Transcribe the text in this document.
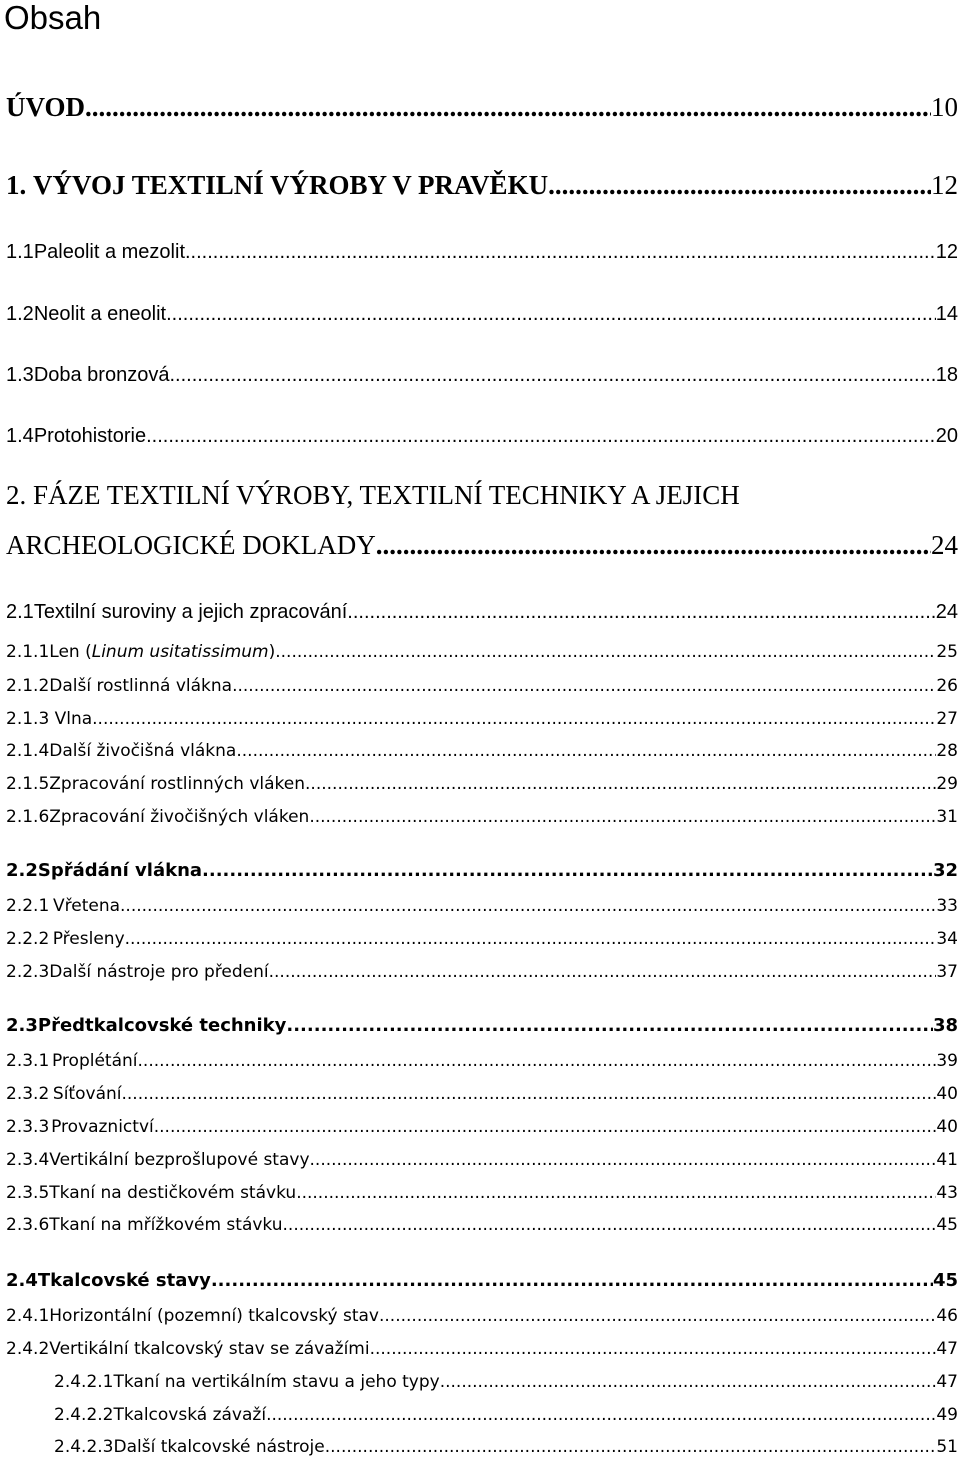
Obsah
ÚVOD .....	10
1.
VÝVOJ TEXTILNÍ VÝROBY V PRAVĚKU .....	12
1.1 Paleolit a mezolit .....	12
1.2 Neolit a eneolit .....	14
1.3 Doba bronzová .....	18
1.4 Protohistorie .....	20
2.
FÁZE TEXTILNÍ VÝROBY, TEXTILNÍ TECHNIKY A JEJICH
ARCHEOLOGICKÉ DOKLADY .....	24
2.1 Textilní suroviny a jejich zpracování .....	24
2.1.1 Len (Linum usitatissimum) .....	25
2.1.2 Další rostlinná vlákna .....	26
2.1.3 Vlna .....	27
2.1.4 Další živočišná vlákna .....	28
2.1.5 Zpracování rostlinných vláken .....	29
2.1.6 Zpracování živočišných vláken .....	31
2.2 Spřádání vlákna .....	32
2.2.1 Vřetena .....	33
2.2.2 Přesleny .....	34
2.2.3 Další nástroje pro předení .....	37
2.3 Předtkalcovské techniky .....	38
2.3.1 Proplétání .....	39
2.3.2 Síťování .....	40
2.3.3 Provaznictví .....	40
2.3.4 Vertikální bezprošlupové stavy .....	41
2.3.5 Tkaní na destičkovém stávku .....	43
2.3.6 Tkaní na mřížkovém stávku .....	45
2.4 Tkalcovské stavy .....	45
2.4.1 Horizontální (pozemní) tkalcovský stav .....	46
2.4.2 Vertikální tkalcovský stav se závažími .....	47
2.4.2.1 Tkaní na vertikálním stavu a jeho typy .....	47
2.4.2.2 Tkalcovská závaží .....	49
2.4.2.3 Další tkalcovské nástroje .....	51
